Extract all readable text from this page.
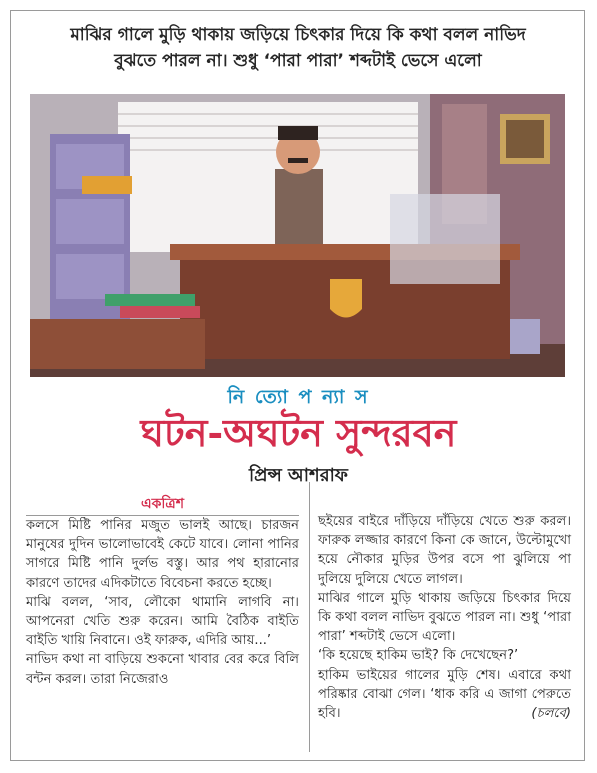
মাঝির গালে মুড়ি থাকায় জড়িয়ে চিৎকার দিয়ে কি কথা বলল নাভিদ
বুঝতে পারল না। শুধু ‘পারা পারা’ শব্দটাই ভেসে এলো
নি ত্যো প ন্যা স
ঘটন-অঘটন সুন্দরবন
প্রিন্স আশরাফ
একত্রিশ

কলসে মিষ্টি পানির মজুত ভালই আছে। চারজন মানুষের দুদিন ভালোভাবেই কেটে যাবে। লোনা পানির সাগরে মিষ্টি পানি দুর্লভ বস্তু। আর পথ হারানোর কারণে তাদের এদিকটাতে বিবেচনা করতে হচ্ছে।

মাঝি বলল, ‘সাব, লৌকো থামানি লাগবি না। আপনেরা খেতি শুরু করেন। আমি বৈঠিক বাইতি বাইতি খায়ি নিবানে। ওই ফারুক, এদিরি আয়...’

নাভিদ কথা না বাড়িয়ে শুকনো খাবার বের করে বিলি বন্টন করল। তারা নিজেরাও

ছইয়ের বাইরে দাঁড়িয়ে দাঁড়িয়ে খেতে শুরু করল। ফারুক লজ্জার কারণে কিনা কে জানে, উল্টোমুখো হয়ে নৌকার মুড়ির উপর বসে পা ঝুলিয়ে পা দুলিয়ে দুলিয়ে খেতে লাগল।

মাঝির গালে মুড়ি থাকায় জড়িয়ে চিৎকার দিয়ে কি কথা বলল নাভিদ বুঝতে পারল না। শুধু ‘পারা পারা’ শব্দটাই ভেসে এলো।

‘কি হয়েছে হাকিম ভাই? কি দেখেছেন?’

হাকিম ভাইয়ের গালের মুড়ি শেষ। এবারে কথা পরিষ্কার বোঝা গেল। ‘ধাক করি এ জাগা পেরুতে হবি।	(চলবে)
